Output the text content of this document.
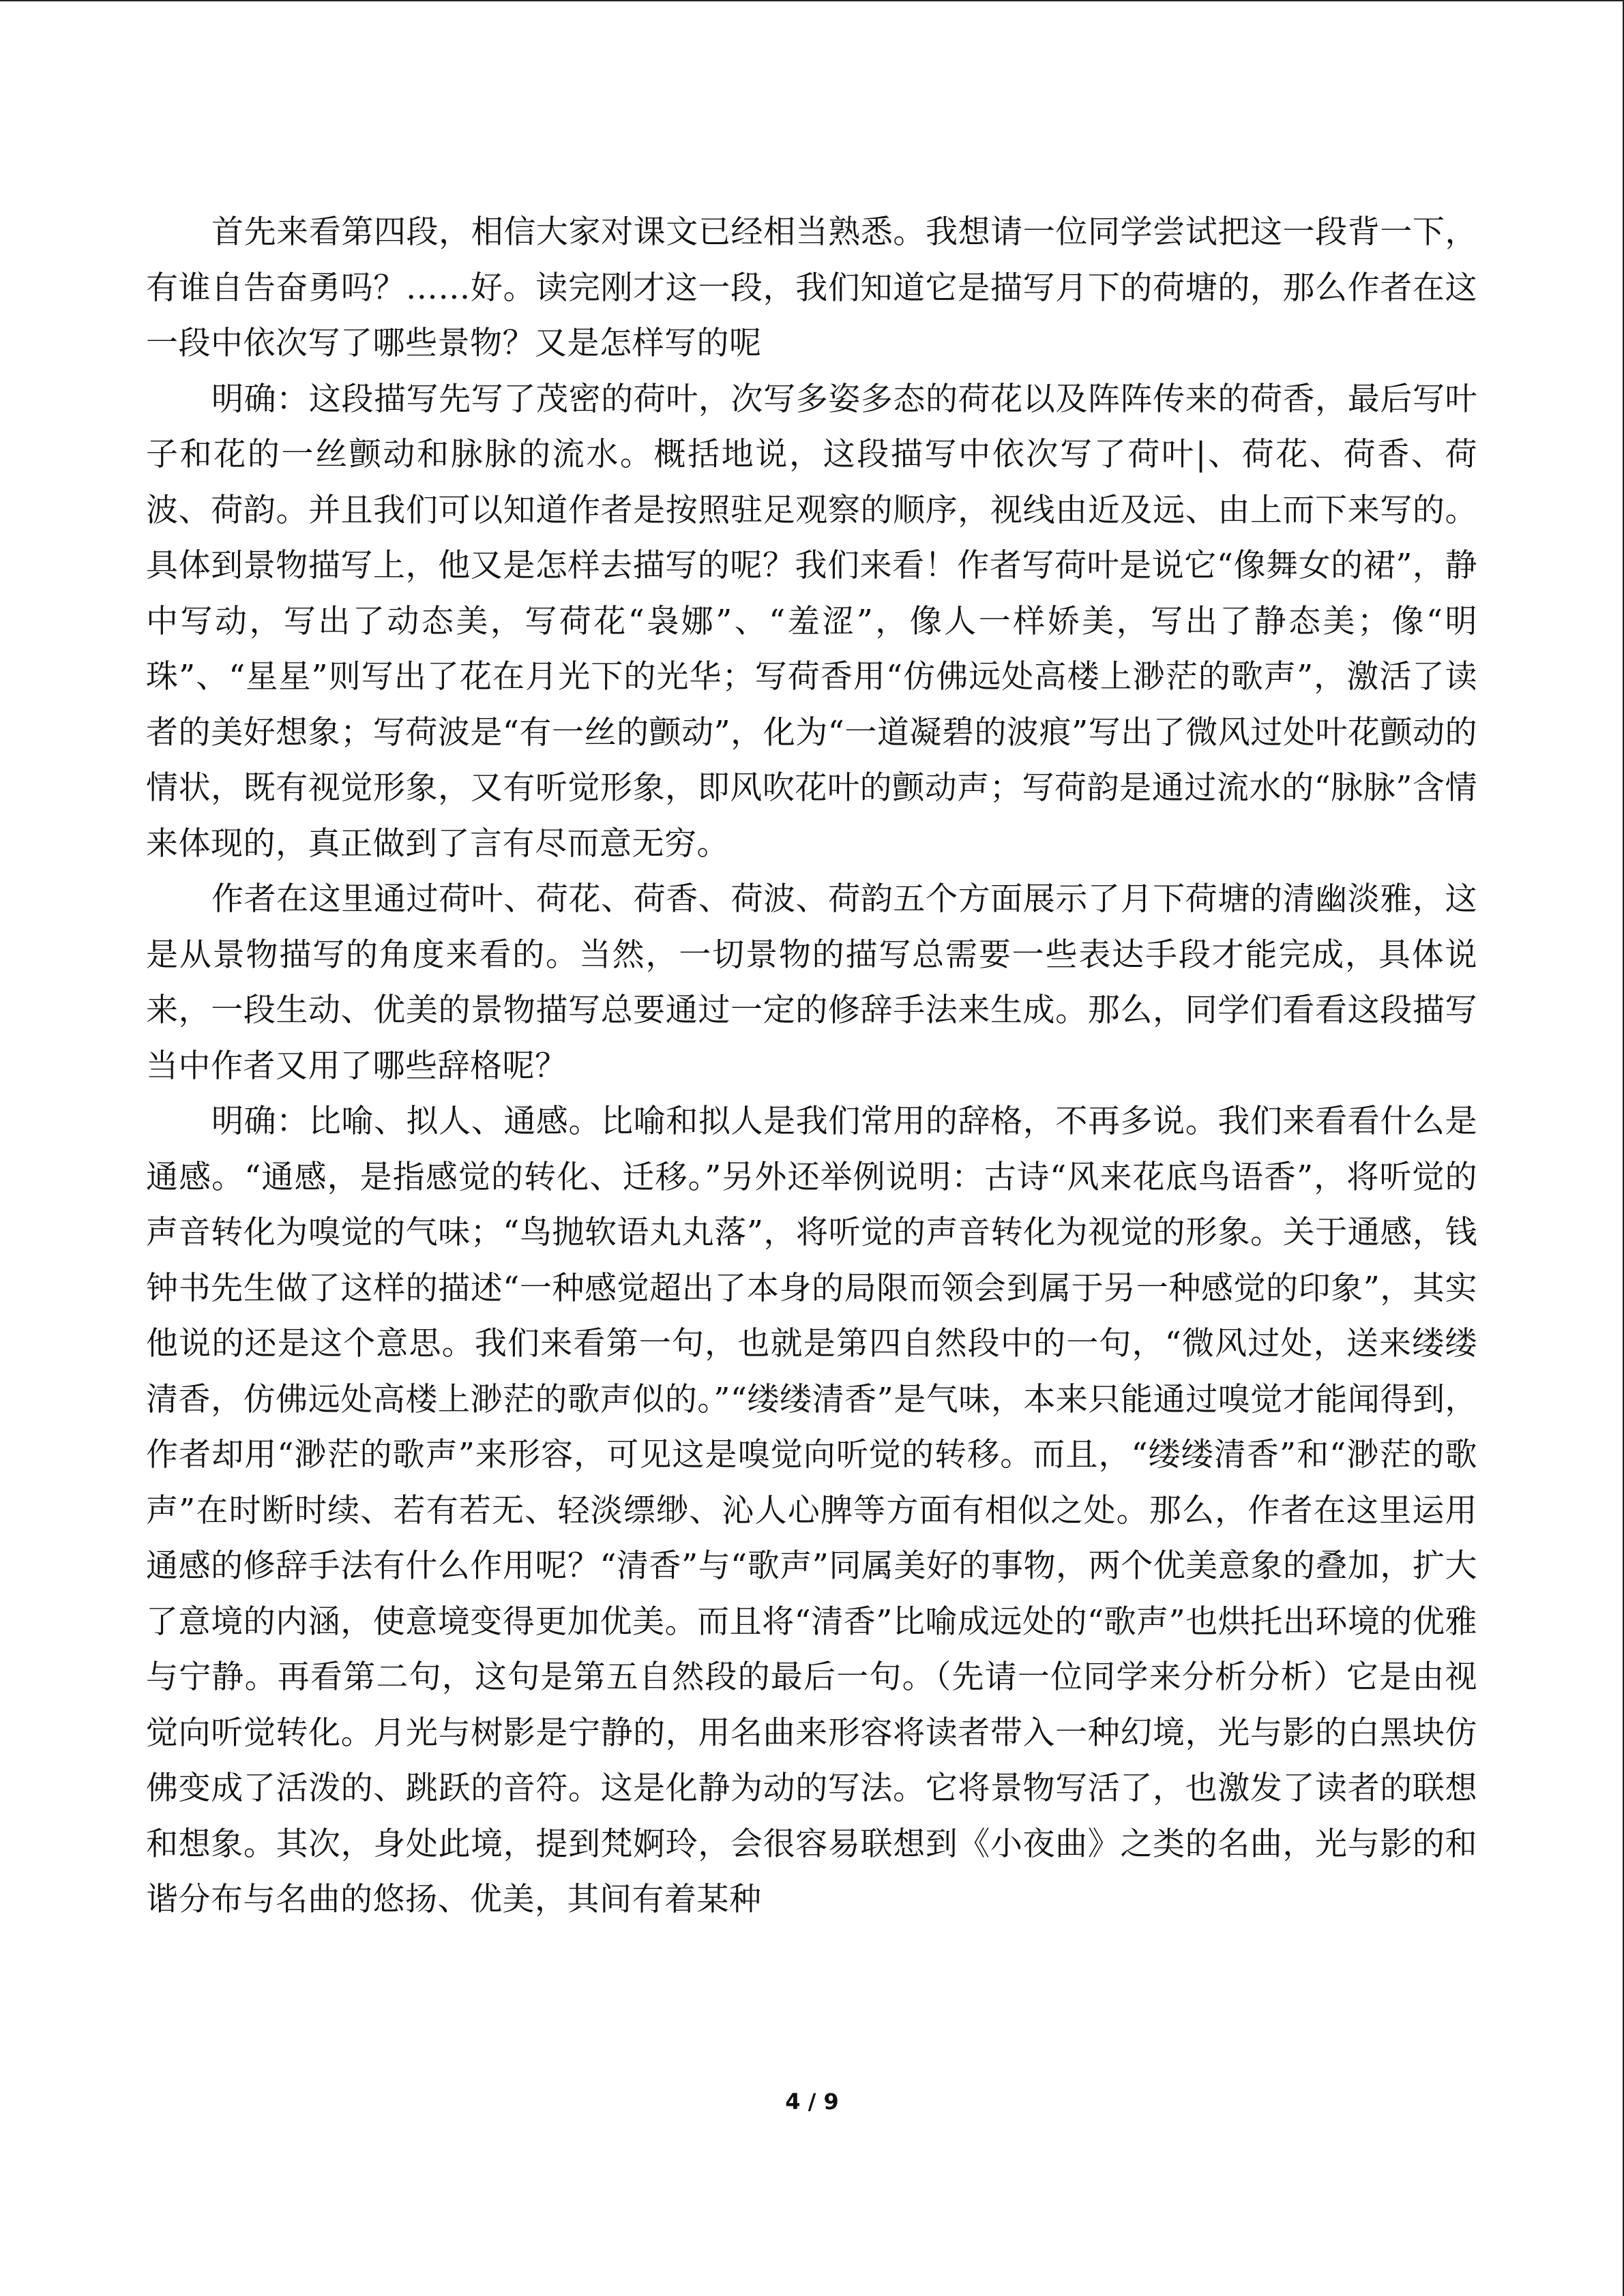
首先来看第四段，相信大家对课文已经相当熟悉。我想请一位同学尝试把这一段背一下，有谁自告奋勇吗？……好。读完刚才这一段，我们知道它是描写月下的荷塘的，那么作者在这一段中依次写了哪些景物？又是怎样写的呢

明确：这段描写先写了茂密的荷叶，次写多姿多态的荷花以及阵阵传来的荷香，最后写叶子和花的一丝颤动和脉脉的流水。概括地说，这段描写中依次写了荷叶|、荷花、荷香、荷波、荷韵。并且我们可以知道作者是按照驻足观察的顺序，视线由近及远、由上而下来写的。具体到景物描写上，他又是怎样去描写的呢？我们来看！作者写荷叶是说它“像舞女的裙”，静中写动，写出了动态美，写荷花“袅娜”、“羞涩”，像人一样娇美，写出了静态美；像“明珠”、“星星”则写出了花在月光下的光华；写荷香用“仿佛远处高楼上渺茫的歌声”，激活了读者的美好想象；写荷波是“有一丝的颤动”，化为“一道凝碧的波痕”写出了微风过处叶花颤动的情状，既有视觉形象，又有听觉形象，即风吹花叶的颤动声；写荷韵是通过流水的“脉脉”含情来体现的，真正做到了言有尽而意无穷。

作者在这里通过荷叶、荷花、荷香、荷波、荷韵五个方面展示了月下荷塘的清幽淡雅，这是从景物描写的角度来看的。当然，一切景物的描写总需要一些表达手段才能完成，具体说来，一段生动、优美的景物描写总要通过一定的修辞手法来生成。那么，同学们看看这段描写当中作者又用了哪些辞格呢？

明确：比喻、拟人、通感。比喻和拟人是我们常用的辞格，不再多说。我们来看看什么是通感。“通感，是指感觉的转化、迁移。”另外还举例说明：古诗“风来花底鸟语香”，将听觉的声音转化为嗅觉的气味；“鸟抛软语丸丸落”，将听觉的声音转化为视觉的形象。关于通感，钱钟书先生做了这样的描述“一种感觉超出了本身的局限而领会到属于另一种感觉的印象”，其实他说的还是这个意思。我们来看第一句，也就是第四自然段中的一句，“微风过处，送来缕缕清香，仿佛远处高楼上渺茫的歌声似的。”“缕缕清香”是气味，本来只能通过嗅觉才能闻得到，作者却用“渺茫的歌声”来形容，可见这是嗅觉向听觉的转移。而且，“缕缕清香”和“渺茫的歌声”在时断时续、若有若无、轻淡缥缈、沁人心脾等方面有相似之处。那么，作者在这里运用通感的修辞手法有什么作用呢？“清香”与“歌声”同属美好的事物，两个优美意象的叠加，扩大了意境的内涵，使意境变得更加优美。而且将“清香”比喻成远处的“歌声”也烘托出环境的优雅与宁静。再看第二句，这句是第五自然段的最后一句。（先请一位同学来分析分析）它是由视觉向听觉转化。月光与树影是宁静的，用名曲来形容将读者带入一种幻境，光与影的白黑块仿佛变成了活泼的、跳跃的音符。这是化静为动的写法。它将景物写活了，也激发了读者的联想和想象。其次，身处此境，提到梵婀玲，会很容易联想到《小夜曲》之类的名曲，光与影的和谐分布与名曲的悠扬、优美，其间有着某种

4 / 9
